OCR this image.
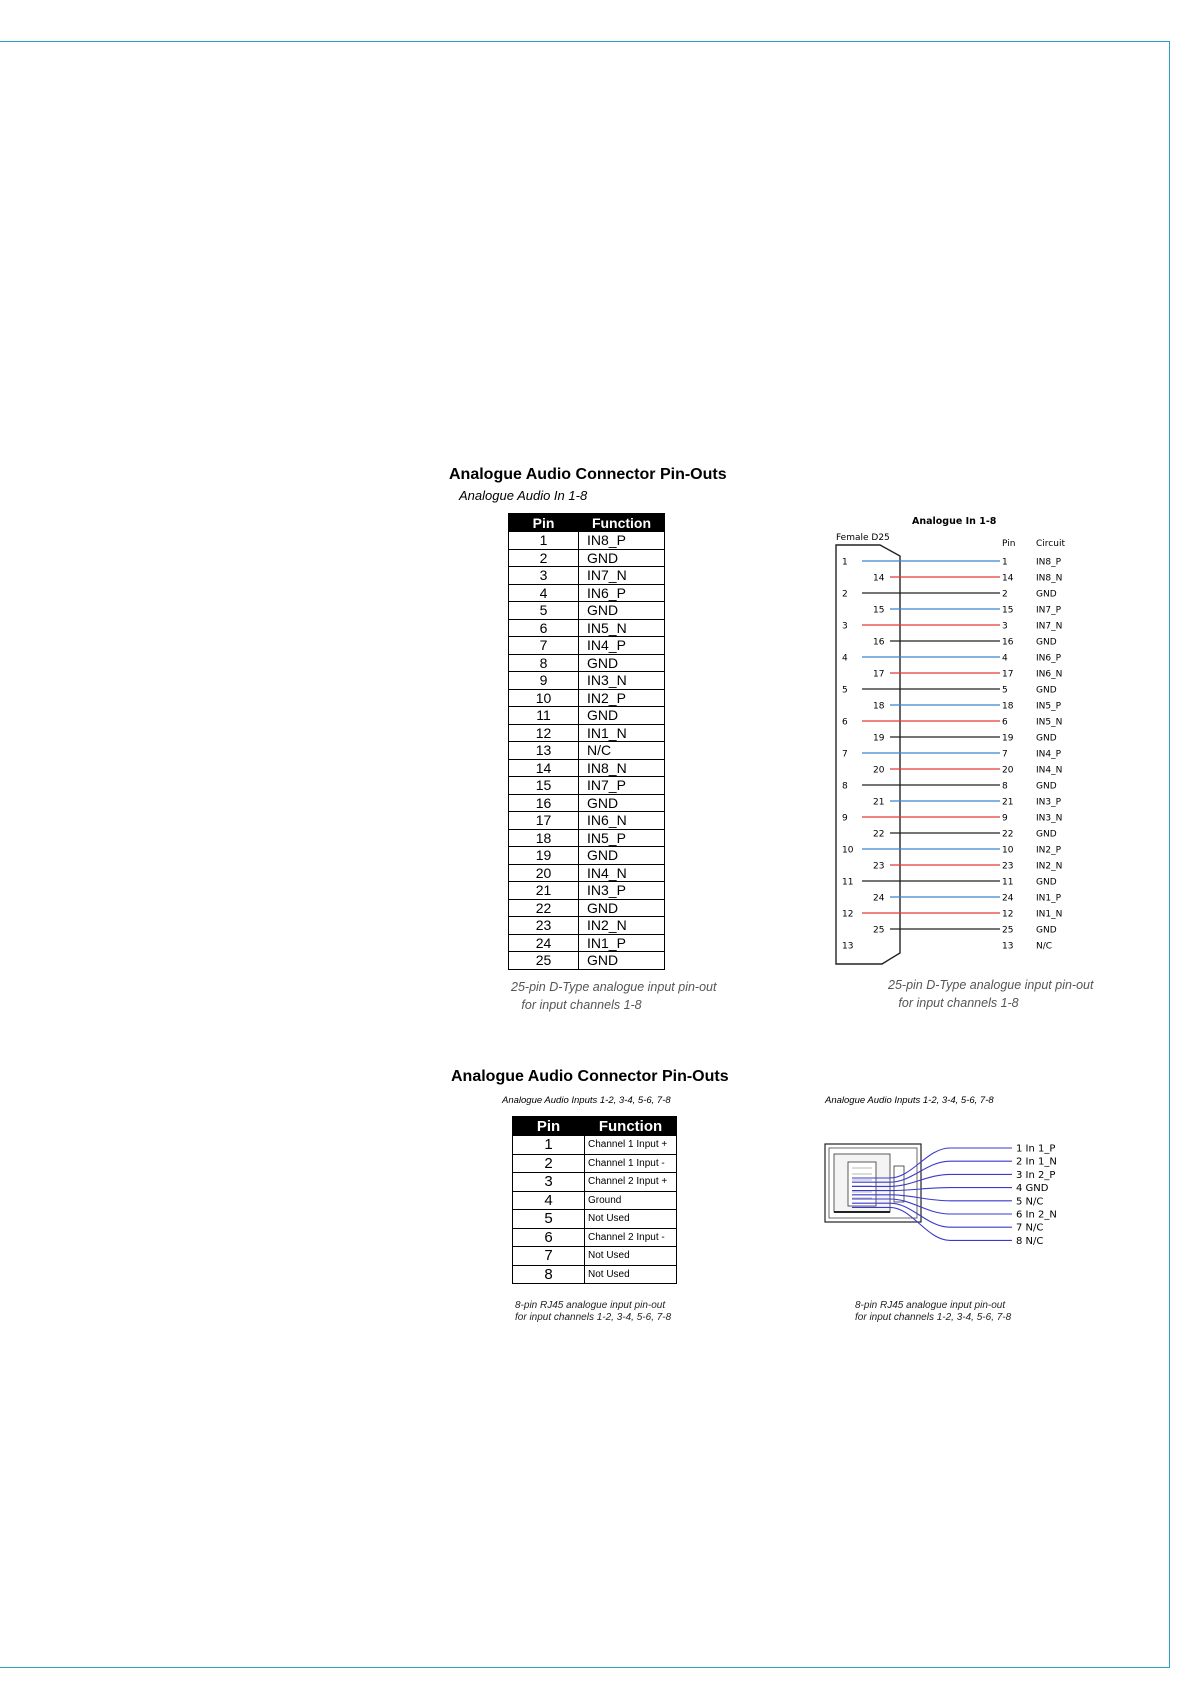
Analogue Audio Connector Pin-Outs
Analogue Audio In 1-8
Pin	Function
1	IN8_P
2	GND
3	IN7_N
4	IN6_P
5	GND
6	IN5_N
7	IN4_P
8	GND
9	IN3_N
10	IN2_P
11	GND
12	IN1_N
13	N/C
14	IN8_N
15	IN7_P
16	GND
17	IN6_N
18	IN5_P
19	GND
20	IN4_N
21	IN3_P
22	GND
23	IN2_N
24	IN1_P
25	GND
25-pin D-Type analogue input pin-out
for input channels 1-8
Analogue In 1-8
Female D25
Pin Circuit
1	1	IN8_P
14	14	IN8_N
2	2	GND
15	15	IN7_P
3	3	IN7_N
16	16	GND
4	4	IN6_P
17	17	IN6_N
5	5	GND
18	18	IN5_P
6	6	IN5_N
19	19	GND
7	7	IN4_P
20	20	IN4_N
8	8	GND
21	21	IN3_P
9	9	IN3_N
22	22	GND
10	10	IN2_P
23	23	IN2_N
11	11	GND
24	24	IN1_P
12	12	IN1_N
25	25	GND
13	13	N/C
25-pin D-Type analogue input pin-out
for input channels 1-8
Analogue Audio Connector Pin-Outs
Analogue Audio Inputs 1-2, 3-4, 5-6, 7-8	Analogue Audio Inputs 1-2, 3-4, 5-6, 7-8
Pin	Function
1	Channel 1 Input +
2	Channel 1 Input -
3	Channel 2 Input +
4	Ground
5	Not Used
6	Channel 2 Input -
7	Not Used
8	Not Used
8-pin RJ45 analogue input pin-out
for input channels 1-2, 3-4, 5-6, 7-8
1 In 1_P
2 In 1_N
3 In 2_P
4 GND
5 N/C
6 In 2_N
7 N/C
8 N/C
8-pin RJ45 analogue input pin-out
for input channels 1-2, 3-4, 5-6, 7-8
